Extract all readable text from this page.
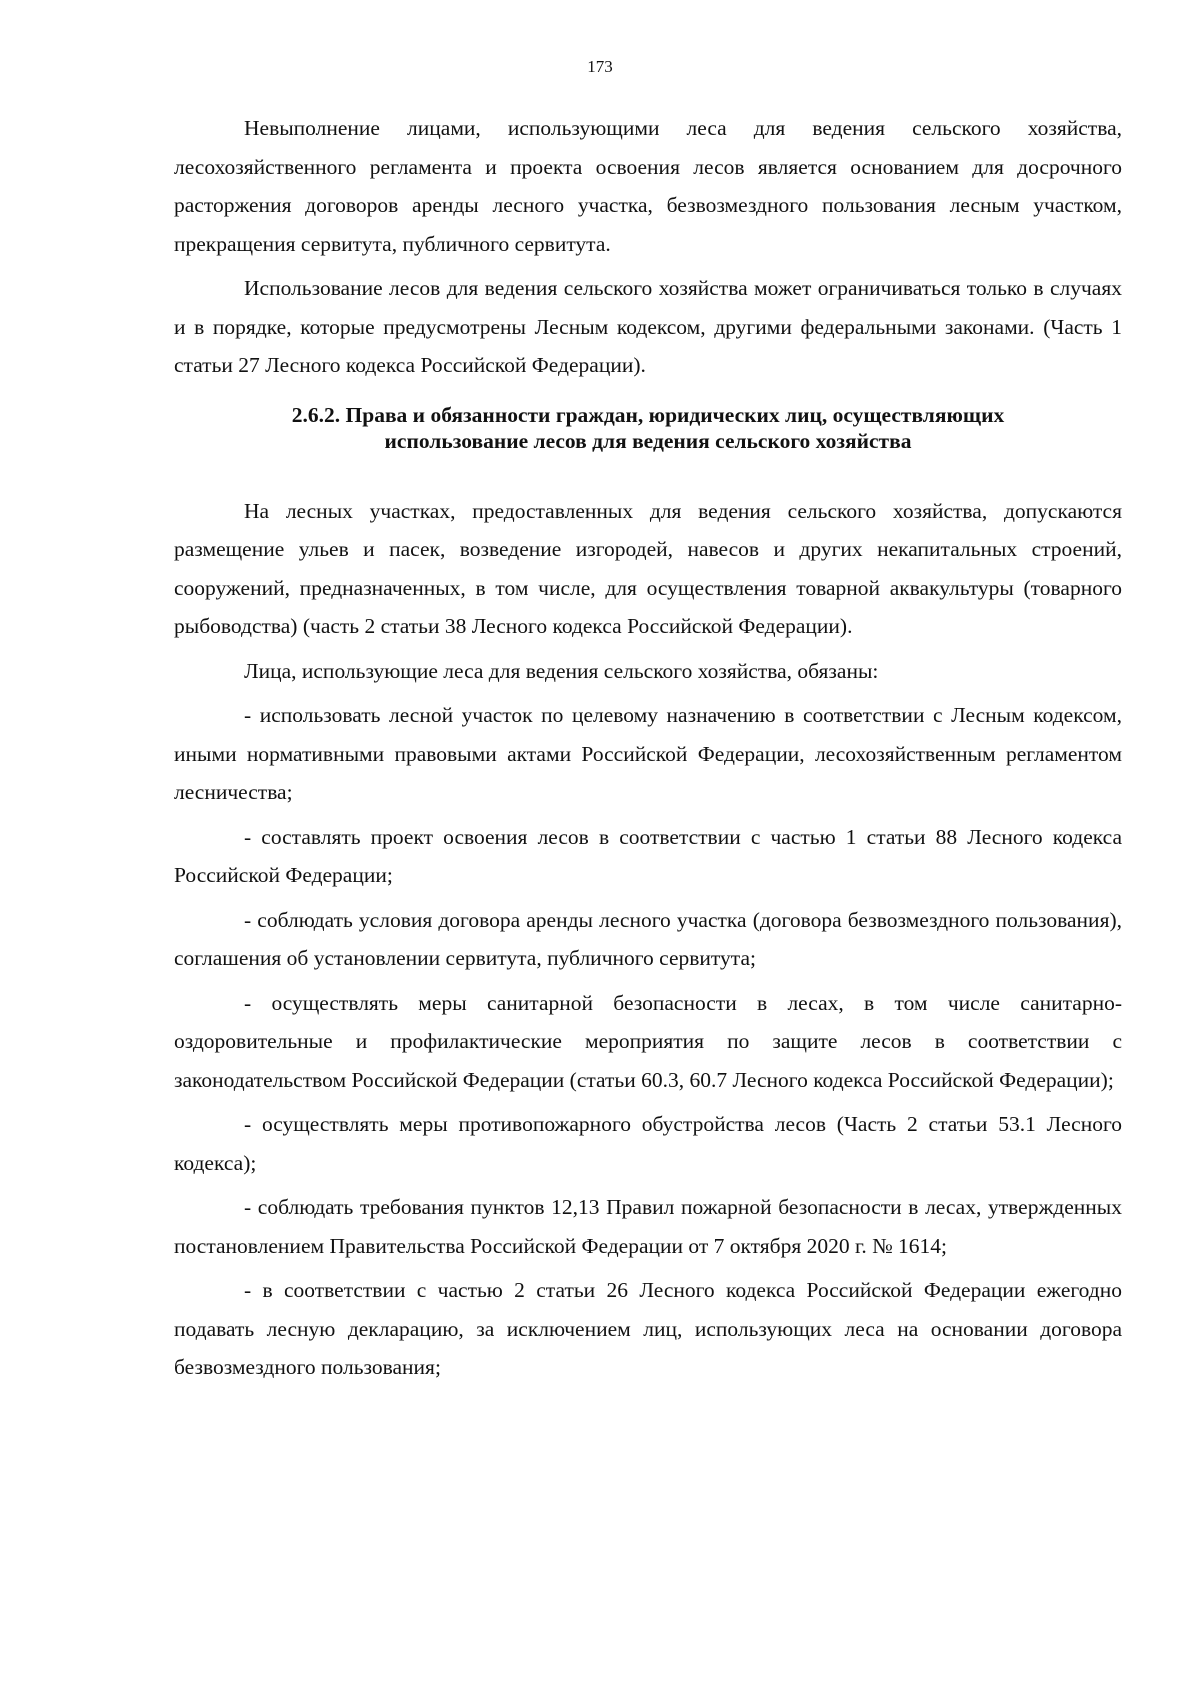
173

Невыполнение лицами, использующими леса для ведения сельского хозяйства, лесохозяйственного регламента и проекта освоения лесов является основанием для досрочного расторжения договоров аренды лесного участка, безвозмездного пользования лесным участком, прекращения сервитута, публичного сервитута.

Использование лесов для ведения сельского хозяйства может ограничиваться только в случаях и в порядке, которые предусмотрены Лесным кодексом, другими федеральными законами. (Часть 1 статьи 27 Лесного кодекса Российской Федерации).

2.6.2. Права и обязанности граждан, юридических лиц, осуществляющих
использование лесов для ведения сельского хозяйства

На лесных участках, предоставленных для ведения сельского хозяйства, допускаются размещение ульев и пасек, возведение изгородей, навесов и других некапитальных строений, сооружений, предназначенных, в том числе, для осуществления товарной аквакультуры (товарного рыбоводства) (часть 2 статьи 38 Лесного кодекса Российской Федерации).

Лица, использующие леса для ведения сельского хозяйства, обязаны:

- использовать лесной участок по целевому назначению в соответствии с Лесным кодексом, иными нормативными правовыми актами Российской Федерации, лесохозяйственным регламентом лесничества;

- составлять проект освоения лесов в соответствии с частью 1 статьи 88 Лесного кодекса Российской Федерации;

- соблюдать условия договора аренды лесного участка (договора безвозмездного пользования), соглашения об установлении сервитута, публичного сервитута;

- осуществлять меры санитарной безопасности в лесах, в том числе санитарно-оздоровительные и профилактические мероприятия по защите лесов в соответствии с законодательством Российской Федерации (статьи 60.3, 60.7 Лесного кодекса Российской Федерации);

- осуществлять меры противопожарного обустройства лесов (Часть 2 статьи 53.1 Лесного кодекса);

- соблюдать требования пунктов 12,13 Правил пожарной безопасности в лесах, утвержденных постановлением Правительства Российской Федерации от 7 октября 2020 г. № 1614;

- в соответствии с частью 2 статьи 26 Лесного кодекса Российской Федерации ежегодно подавать лесную декларацию, за исключением лиц, использующих леса на основании договора безвозмездного пользования;
